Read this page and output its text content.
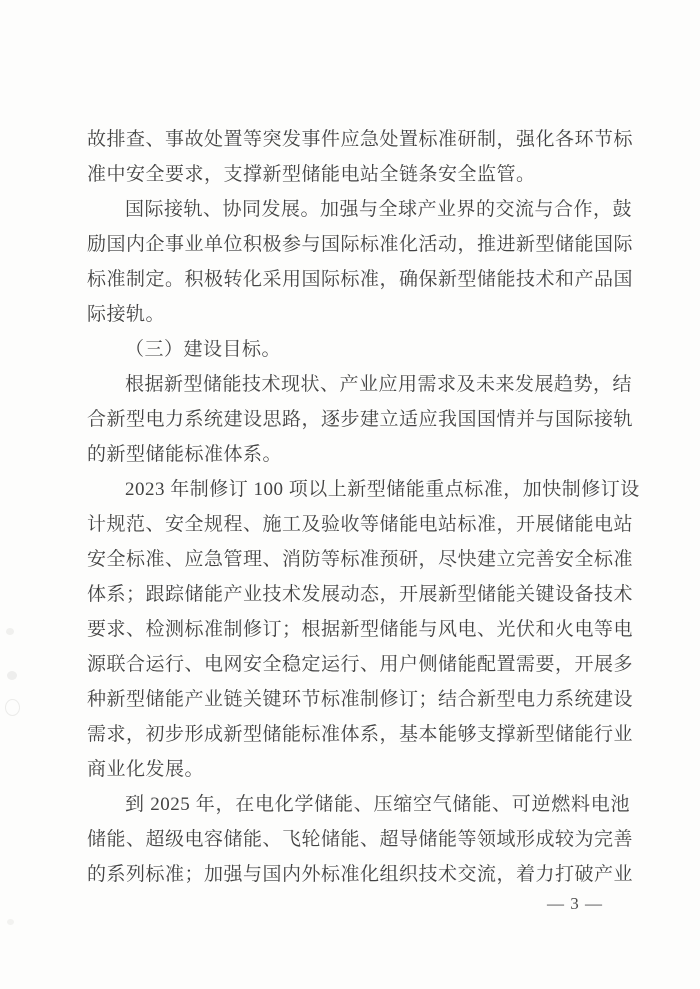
故排查、事故处置等突发事件应急处置标准研制，强化各环节标
准中安全要求，支撑新型储能电站全链条安全监管。
国际接轨、协同发展。加强与全球产业界的交流与合作，鼓
励国内企事业单位积极参与国际标准化活动，推进新型储能国际
标准制定。积极转化采用国际标准，确保新型储能技术和产品国
际接轨。
（三）建设目标。
根据新型储能技术现状、产业应用需求及未来发展趋势，结
合新型电力系统建设思路，逐步建立适应我国国情并与国际接轨
的新型储能标准体系。
2023 年制修订 100 项以上新型储能重点标准，加快制修订设
计规范、安全规程、施工及验收等储能电站标准，开展储能电站
安全标准、应急管理、消防等标准预研，尽快建立完善安全标准
体系；跟踪储能产业技术发展动态，开展新型储能关键设备技术
要求、检测标准制修订；根据新型储能与风电、光伏和火电等电
源联合运行、电网安全稳定运行、用户侧储能配置需要，开展多
种新型储能产业链关键环节标准制修订；结合新型电力系统建设
需求，初步形成新型储能标准体系，基本能够支撑新型储能行业
商业化发展。
到 2025 年，在电化学储能、压缩空气储能、可逆燃料电池
储能、超级电容储能、飞轮储能、超导储能等领域形成较为完善
的系列标准；加强与国内外标准化组织技术交流，着力打破产业
— 3 —
